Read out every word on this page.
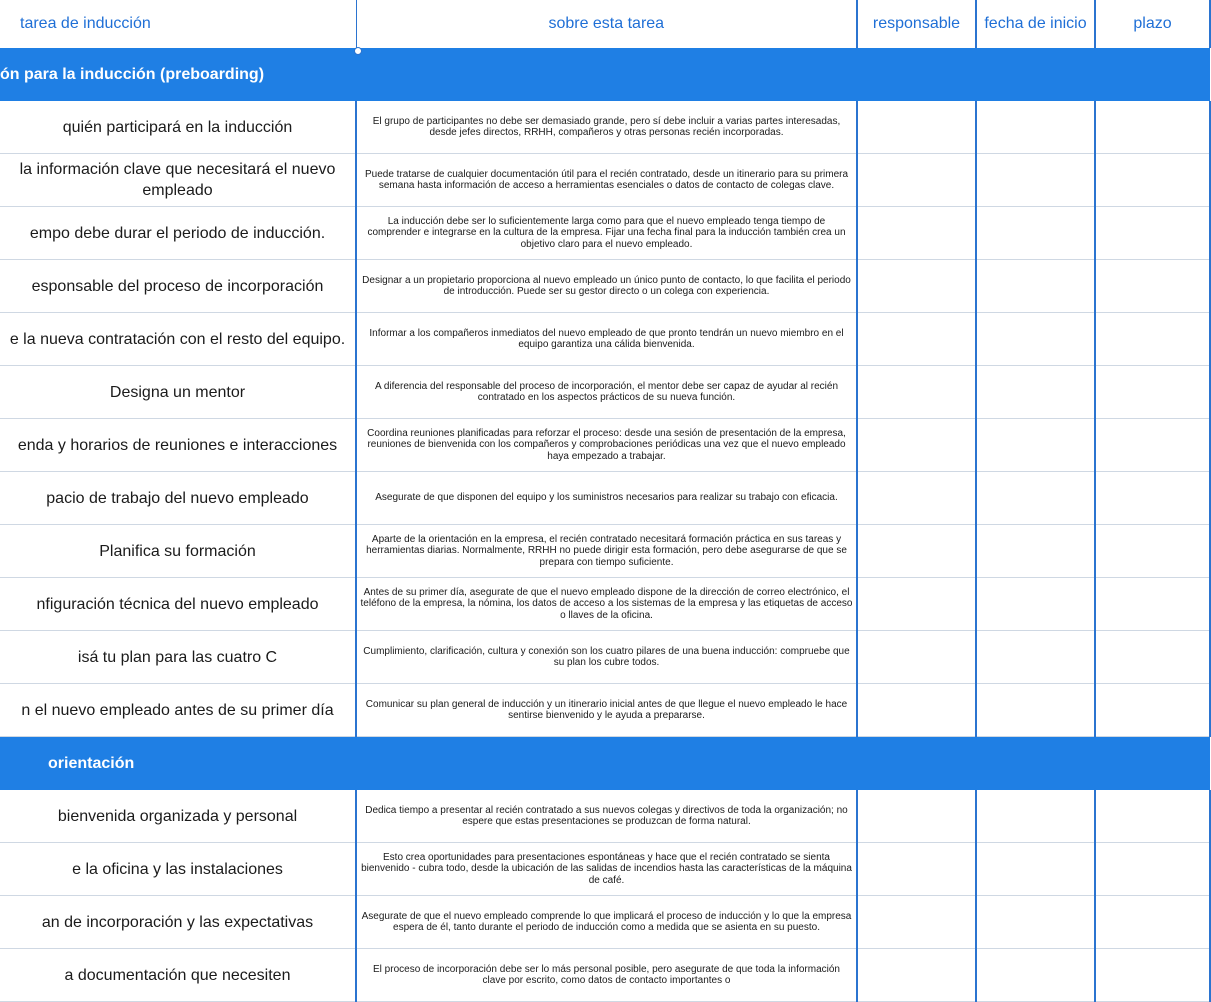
tarea de inducción	sobre esta tarea	responsable	fecha de inicio	plazo
ón para la inducción (preboarding)				
quién participará en la inducción	El grupo de participantes no debe ser demasiado grande, pero sí debe incluir a varias partes interesadas, desde jefes directos, RRHH, compañeros y otras personas recién incorporadas.			
la información clave que necesitará el nuevo empleado	Puede tratarse de cualquier documentación útil para el recién contratado, desde un itinerario para su primera semana hasta información de acceso a herramientas esenciales o datos de contacto de colegas clave.			
empo debe durar el periodo de inducción.	La inducción debe ser lo suficientemente larga como para que el nuevo empleado tenga tiempo de comprender e integrarse en la cultura de la empresa. Fijar una fecha final para la inducción también crea un objetivo claro para el nuevo empleado.			
esponsable del proceso de incorporación	Designar a un propietario proporciona al nuevo empleado un único punto de contacto, lo que facilita el periodo de introducción. Puede ser su gestor directo o un colega con experiencia.			
e la nueva contratación con el resto del equipo.	Informar a los compañeros inmediatos del nuevo empleado de que pronto tendrán un nuevo miembro en el equipo garantiza una cálida bienvenida.			
Designa un mentor	A diferencia del responsable del proceso de incorporación, el mentor debe ser capaz de ayudar al recién contratado en los aspectos prácticos de su nueva función.			
enda y horarios de reuniones e interacciones	Coordina reuniones planificadas para reforzar el proceso: desde una sesión de presentación de la empresa, reuniones de bienvenida con los compañeros y comprobaciones periódicas una vez que el nuevo empleado haya empezado a trabajar.			
pacio de trabajo del nuevo empleado	Asegurate de que disponen del equipo y los suministros necesarios para realizar su trabajo con eficacia.			
Planifica su formación	Aparte de la orientación en la empresa, el recién contratado necesitará formación práctica en sus tareas y herramientas diarias. Normalmente, RRHH no puede dirigir esta formación, pero debe asegurarse de que se prepara con tiempo suficiente.			
nfiguración técnica del nuevo empleado	Antes de su primer día, asegurate de que el nuevo empleado dispone de la dirección de correo electrónico, el teléfono de la empresa, la nómina, los datos de acceso a los sistemas de la empresa y las etiquetas de acceso o llaves de la oficina.			
isá tu plan para las cuatro C	Cumplimiento, clarificación, cultura y conexión son los cuatro pilares de una buena inducción: compruebe que su plan los cubre todos.			
n el nuevo empleado antes de su primer día	Comunicar su plan general de inducción y un itinerario inicial antes de que llegue el nuevo empleado le hace sentirse bienvenido y le ayuda a prepararse.			
orientación				
bienvenida organizada y personal	Dedica tiempo a presentar al recién contratado a sus nuevos colegas y directivos de toda la organización; no espere que estas presentaciones se produzcan de forma natural.			
e la oficina y las instalaciones	Esto crea oportunidades para presentaciones espontáneas y hace que el recién contratado se sienta bienvenido - cubra todo, desde la ubicación de las salidas de incendios hasta las características de la máquina de café.			
an de incorporación y las expectativas	Asegurate de que el nuevo empleado comprende lo que implicará el proceso de inducción y lo que la empresa espera de él, tanto durante el periodo de inducción como a medida que se asienta en su puesto.			
a documentación que necesiten	El proceso de incorporación debe ser lo más personal posible, pero asegurate de que toda la información clave por escrito, como datos de contacto importantes o			
